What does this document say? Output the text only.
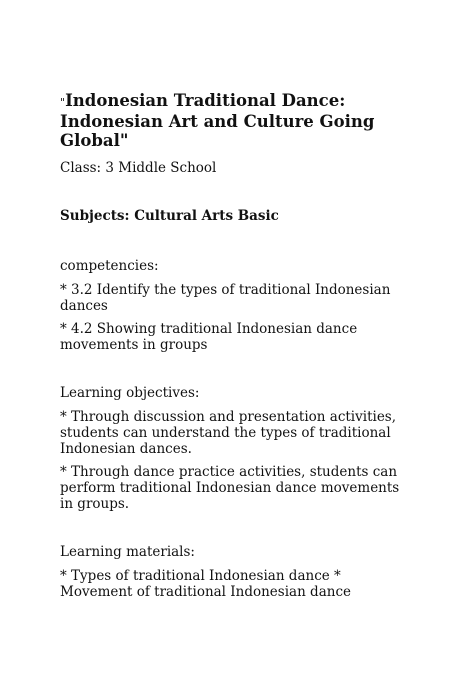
"Indonesian Traditional Dance: Indonesian Art and Culture Going Global"

Class: 3 Middle School

Subjects: Cultural Arts Basic

competencies:

* 3.2 Identify the types of traditional Indonesian dances

* 4.2 Showing traditional Indonesian dance movements in groups

Learning objectives:

* Through discussion and presentation activities, students can understand the types of traditional Indonesian dances.

* Through dance practice activities, students can perform traditional Indonesian dance movements in groups.

Learning materials:

* Types of traditional Indonesian dance * Movement of traditional Indonesian dance
